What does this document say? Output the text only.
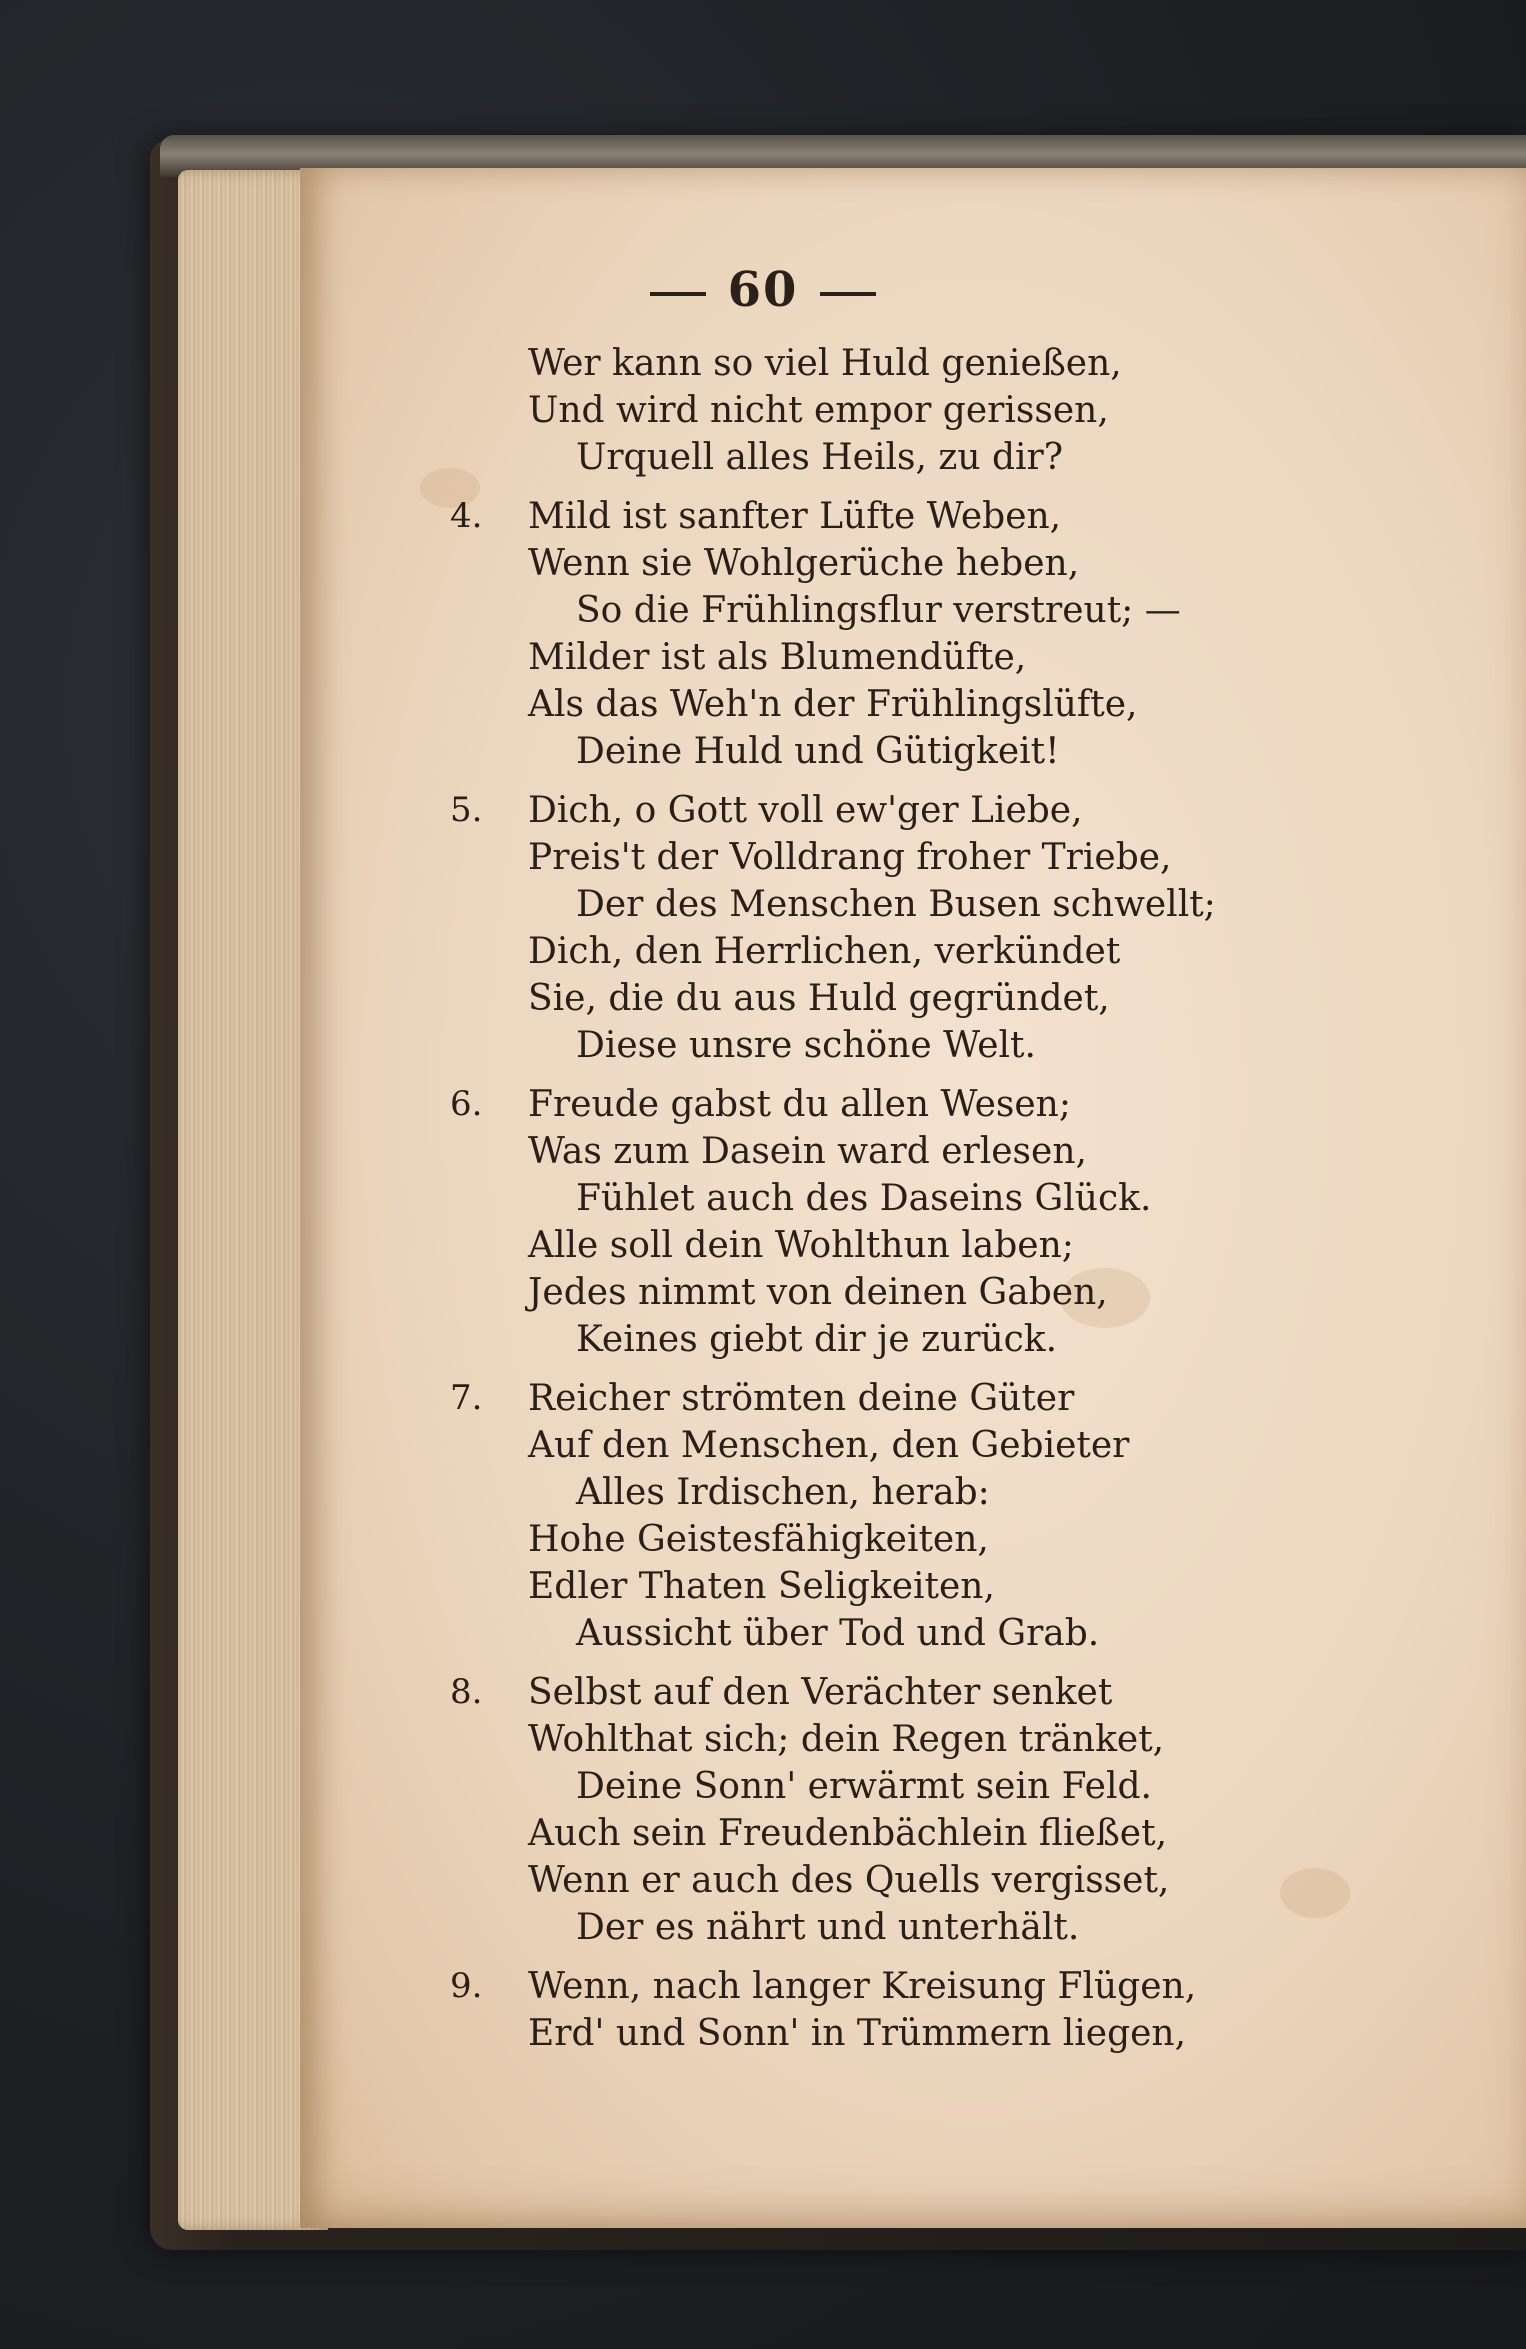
60
Wer kann so viel Huld genießen,
Und wird nicht empor gerissen,
Urquell alles Heils, zu dir?
4. Mild ist sanfter Lüfte Weben,
Wenn sie Wohlgerüche heben,
So die Frühlingsflur verstreut; —
Milder ist als Blumendüfte,
Als das Weh'n der Frühlingslüfte,
Deine Huld und Gütigkeit!
5. Dich, o Gott voll ew'ger Liebe,
Preis't der Volldrang froher Triebe,
Der des Menschen Busen schwellt;
Dich, den Herrlichen, verkündet
Sie, die du aus Huld gegründet,
Diese unsre schöne Welt.
6. Freude gabst du allen Wesen;
Was zum Dasein ward erlesen,
Fühlet auch des Daseins Glück.
Alle soll dein Wohlthun laben;
Jedes nimmt von deinen Gaben,
Keines giebt dir je zurück.
7. Reicher strömten deine Güter
Auf den Menschen, den Gebieter
Alles Irdischen, herab:
Hohe Geistesfähigkeiten,
Edler Thaten Seligkeiten,
Aussicht über Tod und Grab.
8. Selbst auf den Verächter senket
Wohlthat sich; dein Regen tränket,
Deine Sonn' erwärmt sein Feld.
Auch sein Freudenbächlein fließet,
Wenn er auch des Quells vergisset,
Der es nährt und unterhält.
9. Wenn, nach langer Kreisung Flügen,
Erd' und Sonn' in Trümmern liegen,
